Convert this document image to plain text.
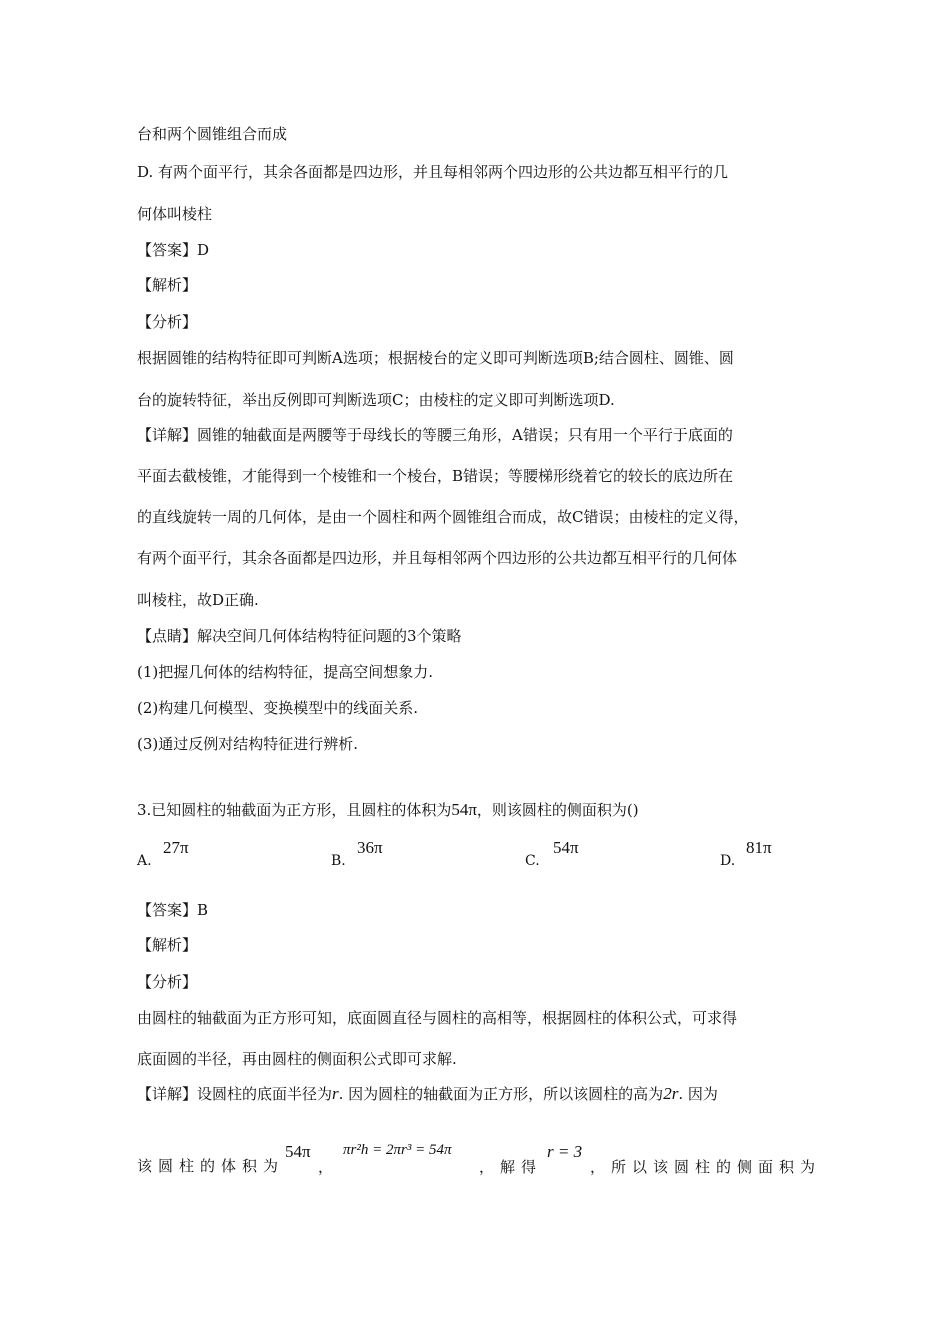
台和两个圆锥组合而成
D. 有两个面平行，其余各面都是四边形，并且每相邻两个四边形的公共边都互相平行的几
何体叫棱柱
【答案】D
【解析】
【分析】
根据圆锥的结构特征即可判断A选项；根据棱台的定义即可判断选项B;结合圆柱、圆锥、圆
台的旋转特征，举出反例即可判断选项C；由棱柱的定义即可判断选项D.
【详解】圆锥的轴截面是两腰等于母线长的等腰三角形，A错误；只有用一个平行于底面的
平面去截棱锥，才能得到一个棱锥和一个棱台，B错误；等腰梯形绕着它的较长的底边所在
的直线旋转一周的几何体，是由一个圆柱和两个圆锥组合而成，故C错误；由棱柱的定义得，
有两个面平行，其余各面都是四边形，并且每相邻两个四边形的公共边都互相平行的几何体
叫棱柱，故D正确.
【点睛】解决空间几何体结构特征问题的3个策略
(1)把握几何体的结构特征，提高空间想象力.
(2)构建几何模型、变换模型中的线面关系.
(3)通过反例对结构特征进行辨析.
3.已知圆柱的轴截面为正方形，且圆柱的体积为54π，则该圆柱的侧面积为()
A.
27π
B.
36π
C.
54π
D.
81π
【答案】B
【解析】
【分析】
由圆柱的轴截面为正方形可知，底面圆直径与圆柱的高相等，根据圆柱的体积公式，可求得
底面圆的半径，再由圆柱的侧面积公式即可求解.
【详解】设圆柱的底面半径为r. 因为圆柱的轴截面为正方形，所以该圆柱的高为2r. 因为
该圆柱的体积为
54π
，
πr²h = 2πr³ = 54π
，解得
r = 3
，所以该圆柱的侧面积为
